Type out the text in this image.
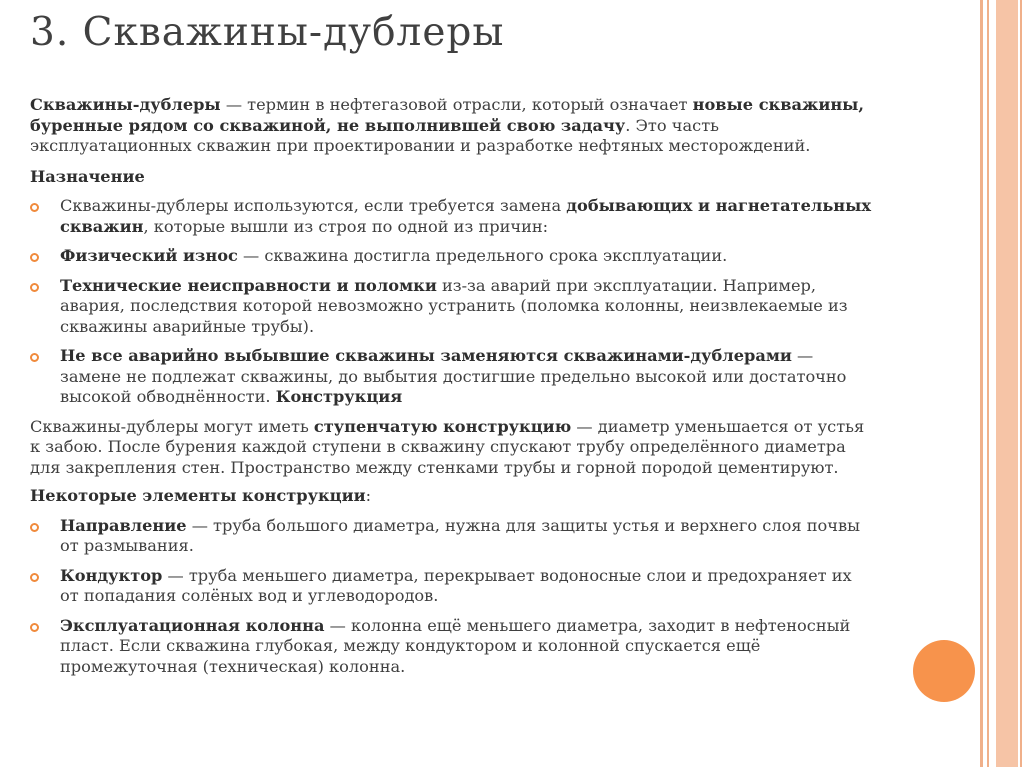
3. Скважины-дублеры

Скважины-дублеры — термин в нефтегазовой отрасли, который означает новые скважины, буренные рядом со скважиной, не выполнившей свою задачу. Это часть эксплуатационных скважин при проектировании и разработке нефтяных месторождений.

Назначение

Скважины-дублеры используются, если требуется замена добывающих и нагнетательных скважин, которые вышли из строя по одной из причин:
Физический износ — скважина достигла предельного срока эксплуатации.
Технические неисправности и поломки из-за аварий при эксплуатации. Например, авария, последствия которой невозможно устранить (поломка колонны, неизвлекаемые из скважины аварийные трубы).
Не все аварийно выбывшие скважины заменяются скважинами-дублерами — замене не подлежат скважины, до выбытия достигшие предельно высокой или достаточно высокой обводнённости. Конструкция

Скважины-дублеры могут иметь ступенчатую конструкцию — диаметр уменьшается от устья к забою. После бурения каждой ступени в скважину спускают трубу определённого диаметра для закрепления стен. Пространство между стенками трубы и горной породой цементируют.

Некоторые элементы конструкции:

Направление — труба большого диаметра, нужна для защиты устья и верхнего слоя почвы от размывания.
Кондуктор — труба меньшего диаметра, перекрывает водоносные слои и предохраняет их от попадания солёных вод и углеводородов.
Эксплуатационная колонна — колонна ещё меньшего диаметра, заходит в нефтеносный пласт. Если скважина глубокая, между кондуктором и колонной спускается ещё промежуточная (техническая) колонна.
